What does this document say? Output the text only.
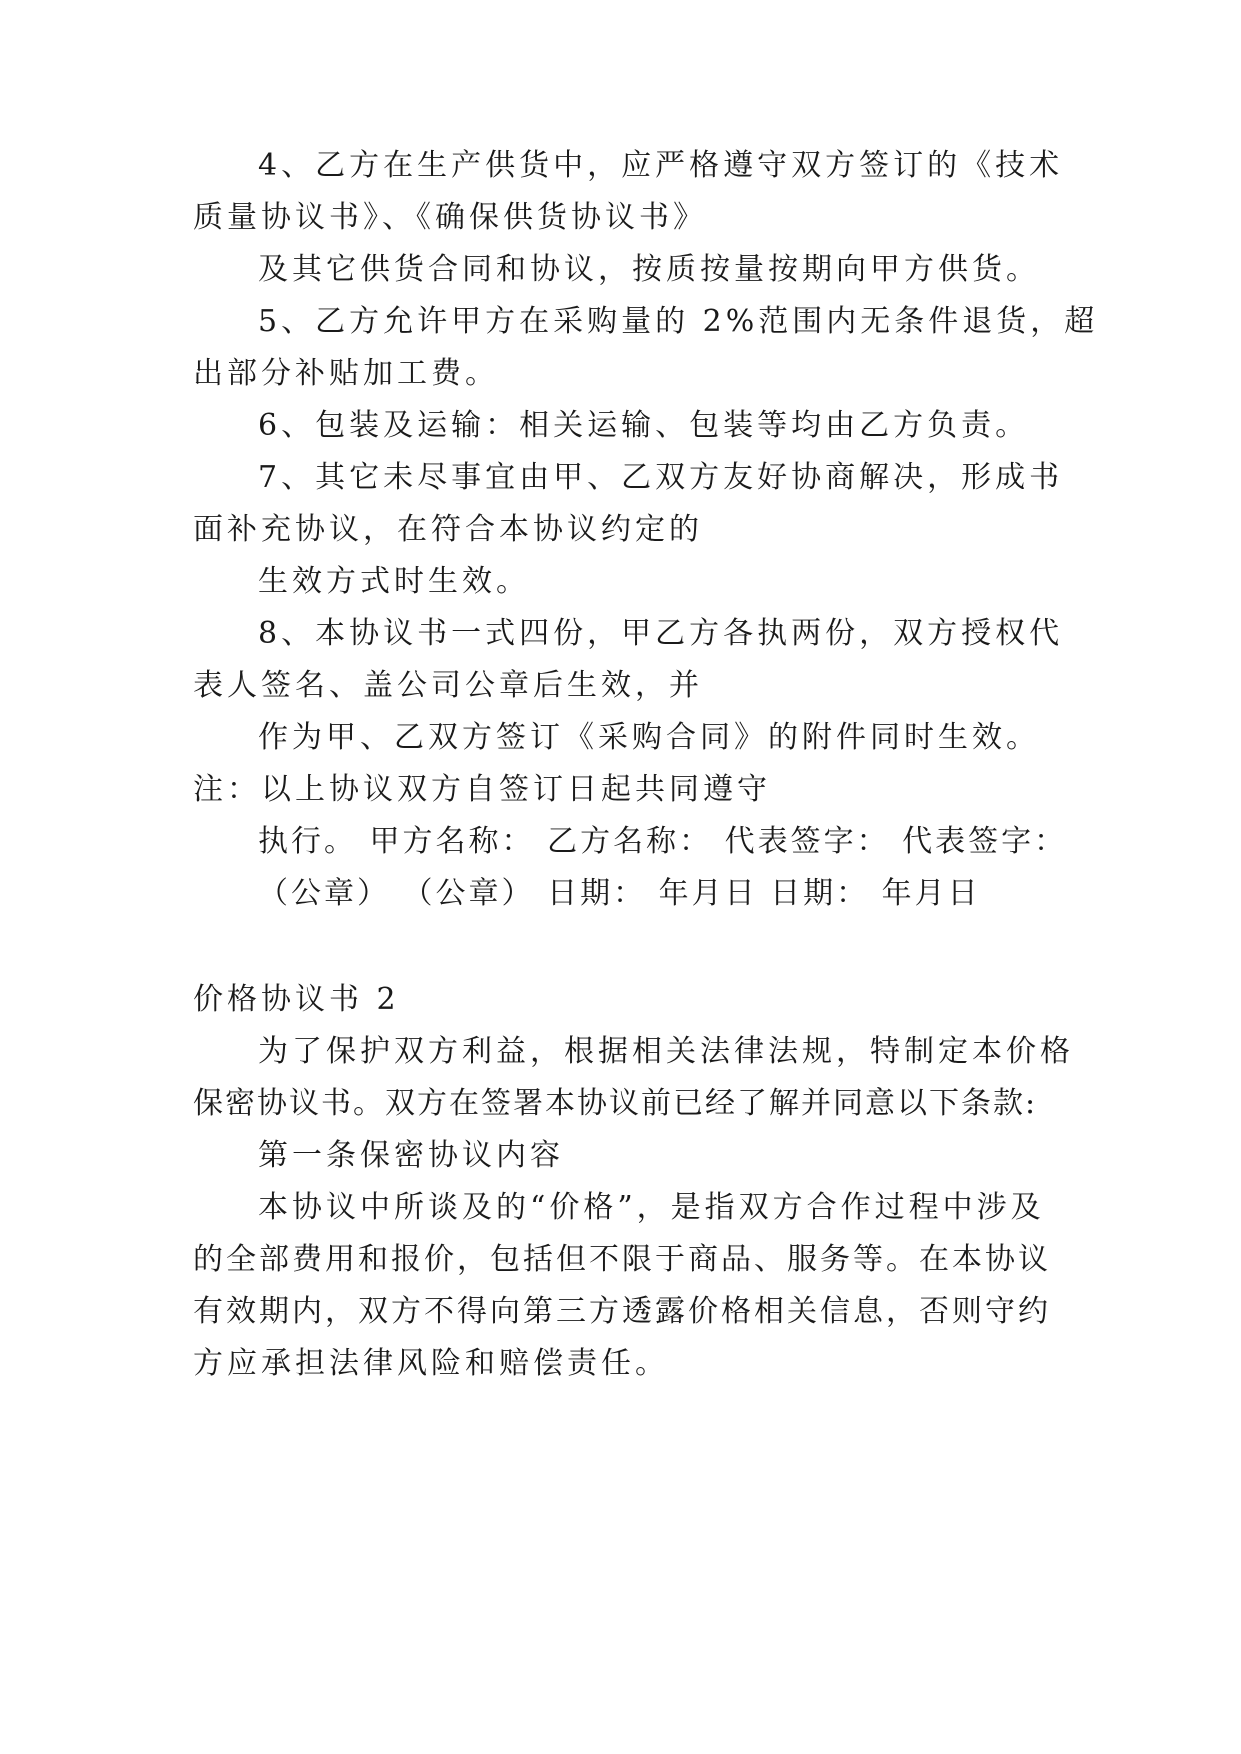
4、乙方在生产供货中，应严格遵守双方签订的《技术
质量协议书》、《确保供货协议书》
及其它供货合同和协议，按质按量按期向甲方供货。
5、乙方允许甲方在采购量的 2%范围内无条件退货，超
出部分补贴加工费。
6、包装及运输：相关运输、包装等均由乙方负责。
7、其它未尽事宜由甲、乙双方友好协商解决，形成书
面补充协议，在符合本协议约定的
生效方式时生效。
8、本协议书一式四份，甲乙方各执两份，双方授权代
表人签名、盖公司公章后生效，并
作为甲、乙双方签订《采购合同》的附件同时生效。
注：以上协议双方自签订日起共同遵守
执行。 甲方名称： 乙方名称： 代表签字： 代表签字：
（公章） （公章） 日期： 年月日 日期： 年月日
价格协议书 2
为了保护双方利益，根据相关法律法规，特制定本价格
保密协议书。双方在签署本协议前已经了解并同意以下条款:
第一条保密协议内容
本协议中所谈及的“价格”，是指双方合作过程中涉及
的全部费用和报价，包括但不限于商品、服务等。在本协议
有效期内，双方不得向第三方透露价格相关信息，否则守约
方应承担法律风险和赔偿责任。
